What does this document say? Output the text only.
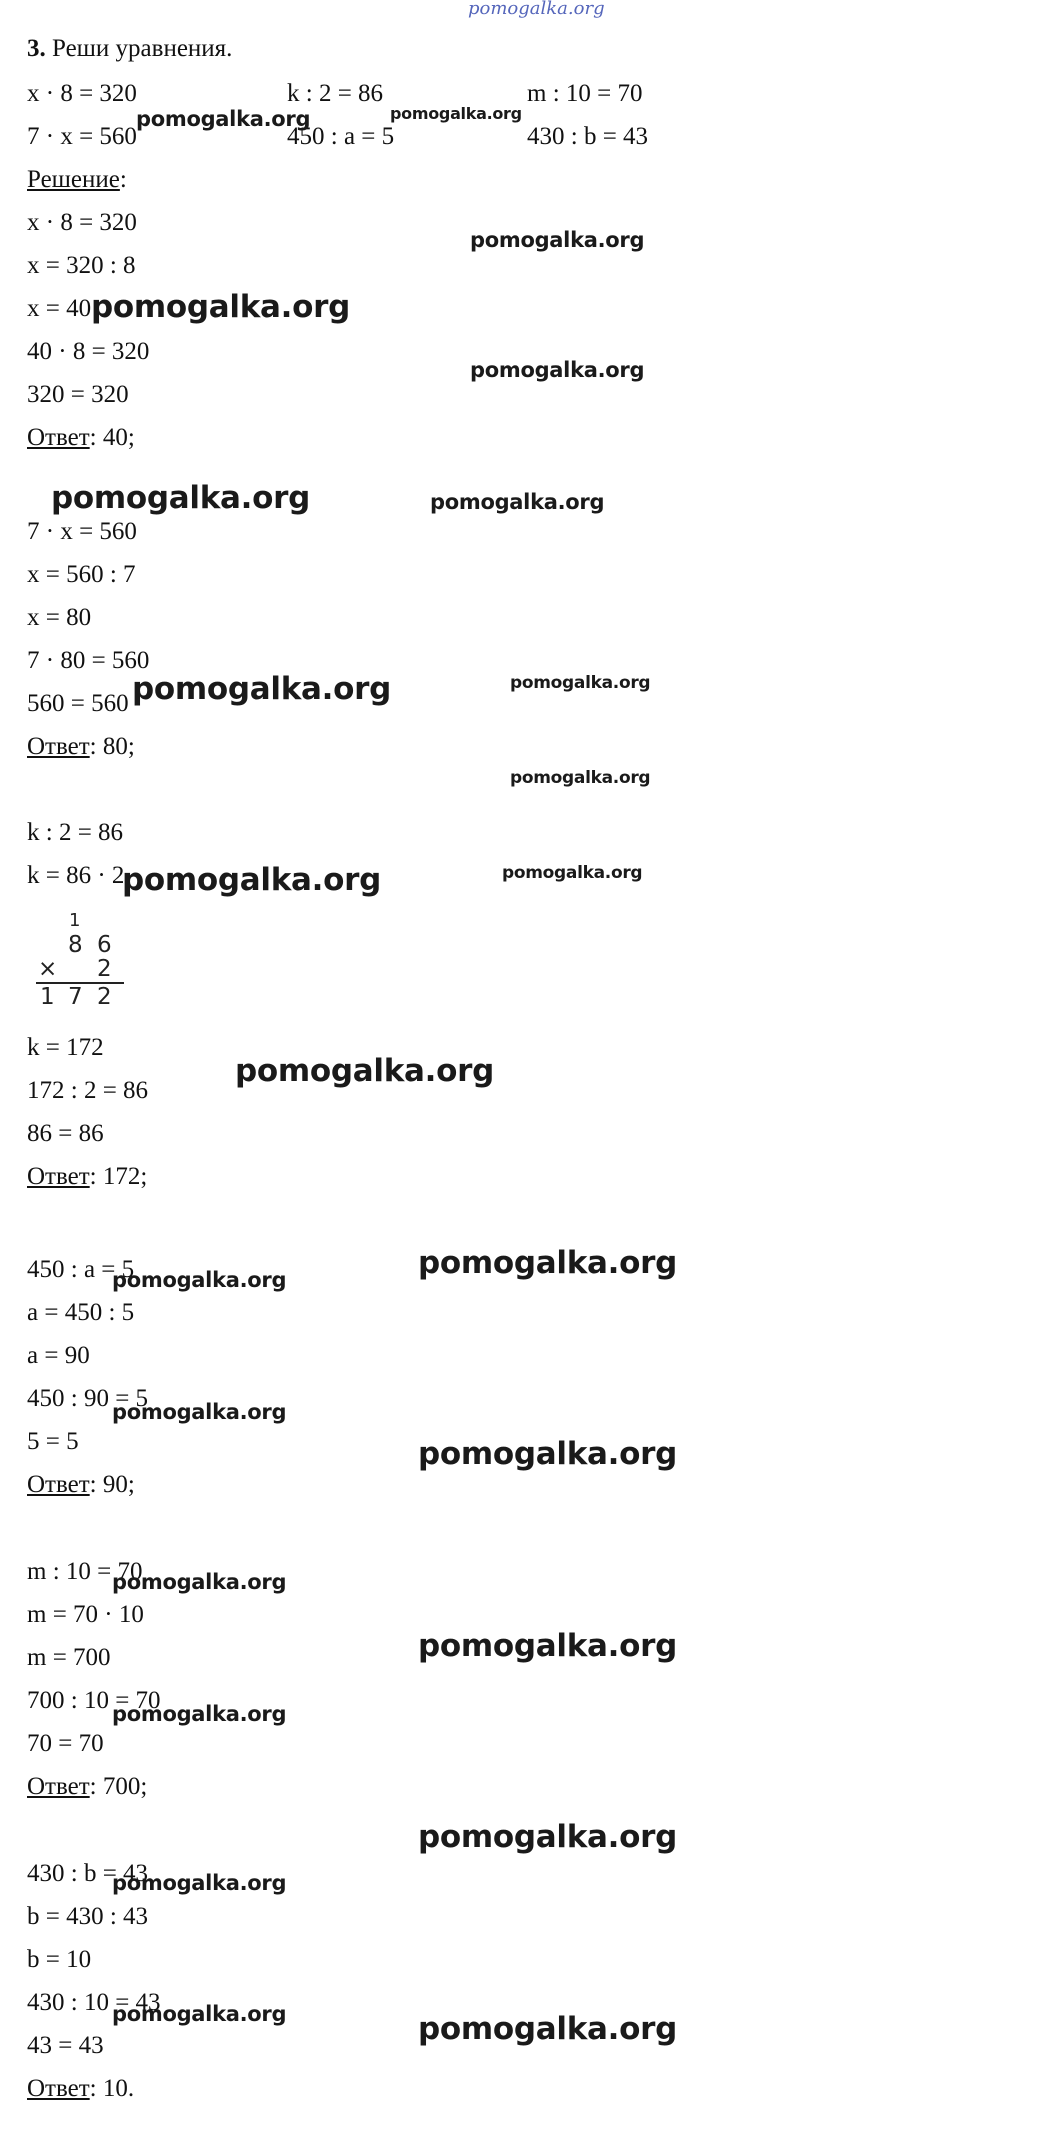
pomogalka.org
3. Реши уравнения.
x · 8 = 320	k : 2 = 86	m : 10 = 70
7 · x = 560	450 : a = 5	430 : b = 43
Решение:
x · 8 = 320
x = 320 : 8
x = 40
40 · 8 = 320
320 = 320
Ответ: 40;
7 · x = 560
x = 560 : 7
x = 80
7 · 80 = 560
560 = 560
Ответ: 80;
k : 2 = 86
k = 86 · 2
1
8 6
× 2
1 7 2
k = 172
172 : 2 = 86
86 = 86
Ответ: 172;
450 : a = 5
a = 450 : 5
a = 90
450 : 90 = 5
5 = 5
Ответ: 90;
m : 10 = 70
m = 70 · 10
m = 700
700 : 10 = 70
70 = 70
Ответ: 700;
430 : b = 43
b = 430 : 43
b = 10
430 : 10 = 43
43 = 43
Ответ: 10.
pomogalka.org	pomogalka.org
pomogalka.org
pomogalka.org
pomogalka.org
pomogalka.org	pomogalka.org
pomogalka.org	pomogalka.org
pomogalka.org
pomogalka.org	pomogalka.org
pomogalka.org
pomogalka.org
pomogalka.org
pomogalka.org
pomogalka.org
pomogalka.org
pomogalka.org
pomogalka.org
pomogalka.org
pomogalka.org
pomogalka.org	pomogalka.org
